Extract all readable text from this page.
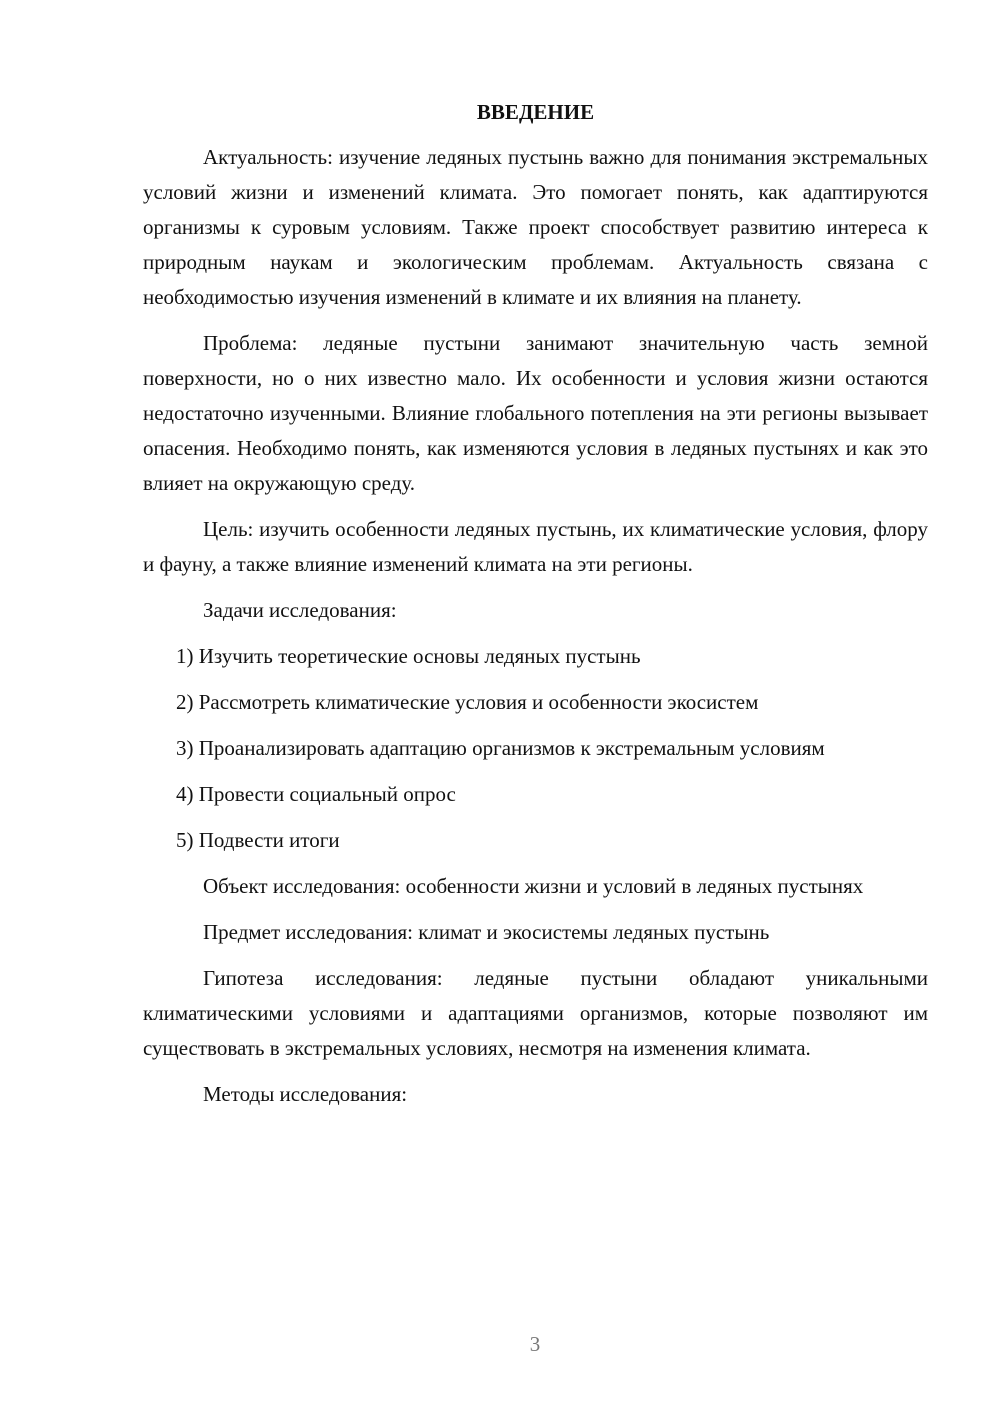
ВВЕДЕНИЕ

Актуальность: изучение ледяных пустынь важно для понимания экстремальных условий жизни и изменений климата. Это помогает понять, как адаптируются организмы к суровым условиям. Также проект способствует развитию интереса к природным наукам и экологическим проблемам. Актуальность связана с необходимостью изучения изменений в климате и их влияния на планету.

Проблема: ледяные пустыни занимают значительную часть земной поверхности, но о них известно мало. Их особенности и условия жизни остаются недостаточно изученными. Влияние глобального потепления на эти регионы вызывает опасения. Необходимо понять, как изменяются условия в ледяных пустынях и как это влияет на окружающую среду.

Цель: изучить особенности ледяных пустынь, их климатические условия, флору и фауну, а также влияние изменений климата на эти регионы.

Задачи исследования:

1) Изучить теоретические основы ледяных пустынь

2) Рассмотреть климатические условия и особенности экосистем

3) Проанализировать адаптацию организмов к экстремальным условиям

4) Провести социальный опрос

5) Подвести итоги

Объект исследования: особенности жизни и условий в ледяных пустынях

Предмет исследования: климат и экосистемы ледяных пустынь

Гипотеза исследования: ледяные пустыни обладают уникальными климатическими условиями и адаптациями организмов, которые позволяют им существовать в экстремальных условиях, несмотря на изменения климата.

Методы исследования:

3
